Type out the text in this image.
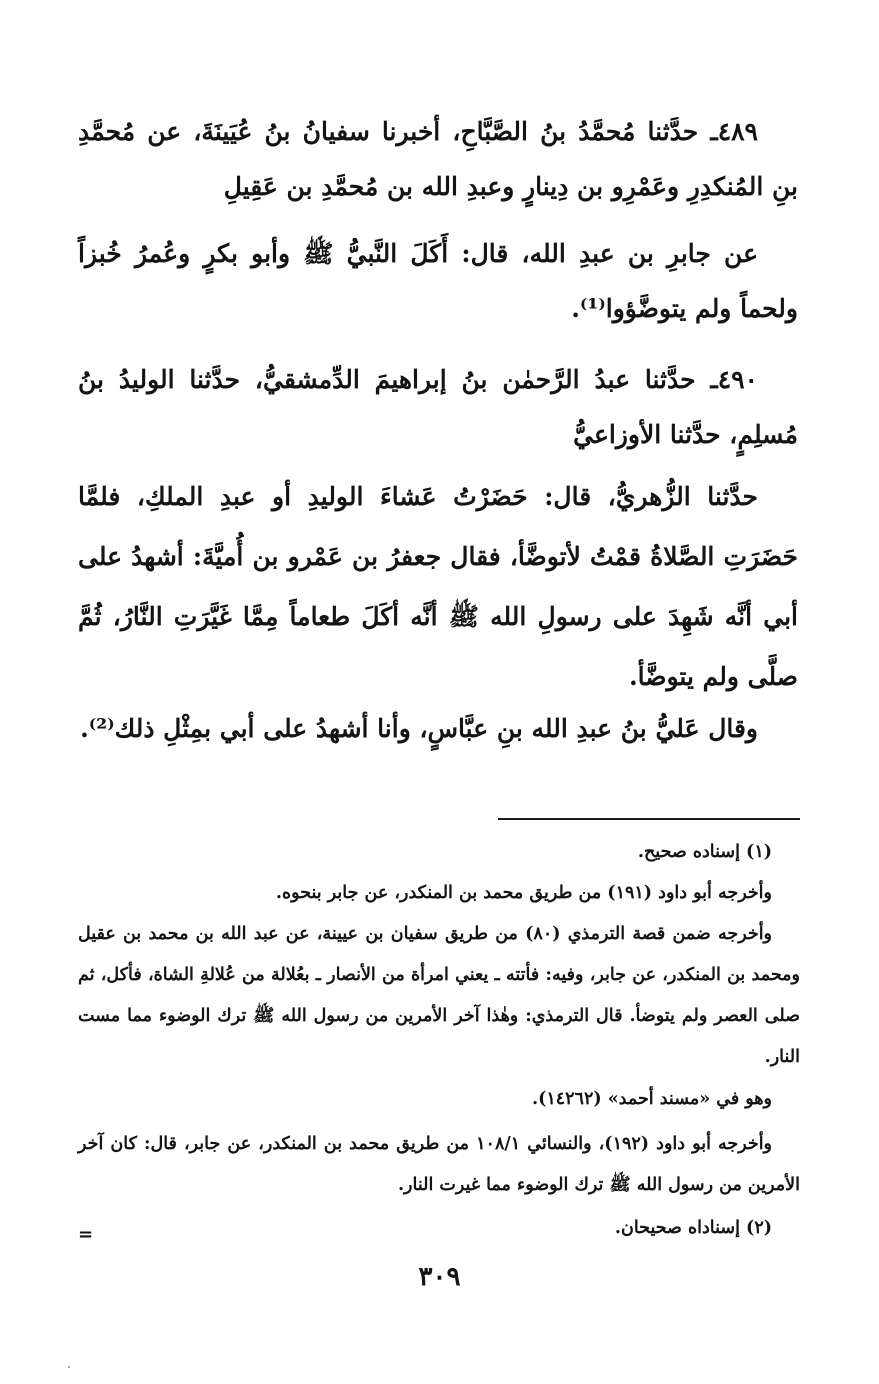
٤٨٩ـ حدَّثنا مُحمَّدُ بنُ الصَّبَّاحِ، أخبرنا سفيانُ بنُ عُيَينَةَ، عن مُحمَّدِ بنِ المُنكدِرِ وعَمْرِو بن دِينارٍ وعبدِ الله بن مُحمَّدِ بن عَقِيلِ

عن جابرِ بن عبدِ الله، قال: أَكَلَ النَّبيُّ ﷺ وأبو بكرٍ وعُمرُ خُبزاً ولحماً ولم يتوضَّؤوا⁽¹⁾.

٤٩٠ـ حدَّثنا عبدُ الرَّحمٰن بنُ إبراهيمَ الدِّمشقيُّ، حدَّثنا الوليدُ بنُ مُسلِمٍ، حدَّثنا الأوزاعيُّ

حدَّثنا الزُّهريُّ، قال: حَضَرْتُ عَشاءَ الوليدِ أو عبدِ الملكِ، فلمَّا حَضَرَتِ الصَّلاةُ قمْتُ لأتوضَّأ، فقال جعفرُ بن عَمْرو بن أُميَّةَ: أشهدُ على أبي أنَّه شَهِدَ على رسولِ الله ﷺ أنَّه أكَلَ طعاماً مِمَّا غَيَّرَتِ النَّارُ، ثُمَّ صلَّى ولم يتوضَّأ.

وقال عَليُّ بنُ عبدِ الله بنِ عبَّاسٍ، وأنا أشهدُ على أبي بمِثْلِ ذلك⁽²⁾.

(١) إسناده صحيح.

وأخرجه أبو داود (١٩١) من طريق محمد بن المنكدر، عن جابر بنحوه.

وأخرجه ضمن قصة الترمذي (٨٠) من طريق سفيان بن عيينة، عن عبد الله بن محمد بن عقيل ومحمد بن المنكدر، عن جابر، وفيه: فأتته ـ يعني امرأة من الأنصار ـ بعُلالة من عُلالةِ الشاة، فأكل، ثم صلى العصر ولم يتوضأ. قال الترمذي: وهٰذا آخر الأمرين من رسول الله ﷺ ترك الوضوء مما مست النار.

وهو في «مسند أحمد» (١٤٢٦٢).

وأخرجه أبو داود (١٩٢)، والنسائي ١٠٨/١ من طريق محمد بن المنكدر، عن جابر، قال: كان آخر الأمرين من رسول الله ﷺ ترك الوضوء مما غيرت النار.

(٢) إسناداه صحيحان.

=
٣٠٩
